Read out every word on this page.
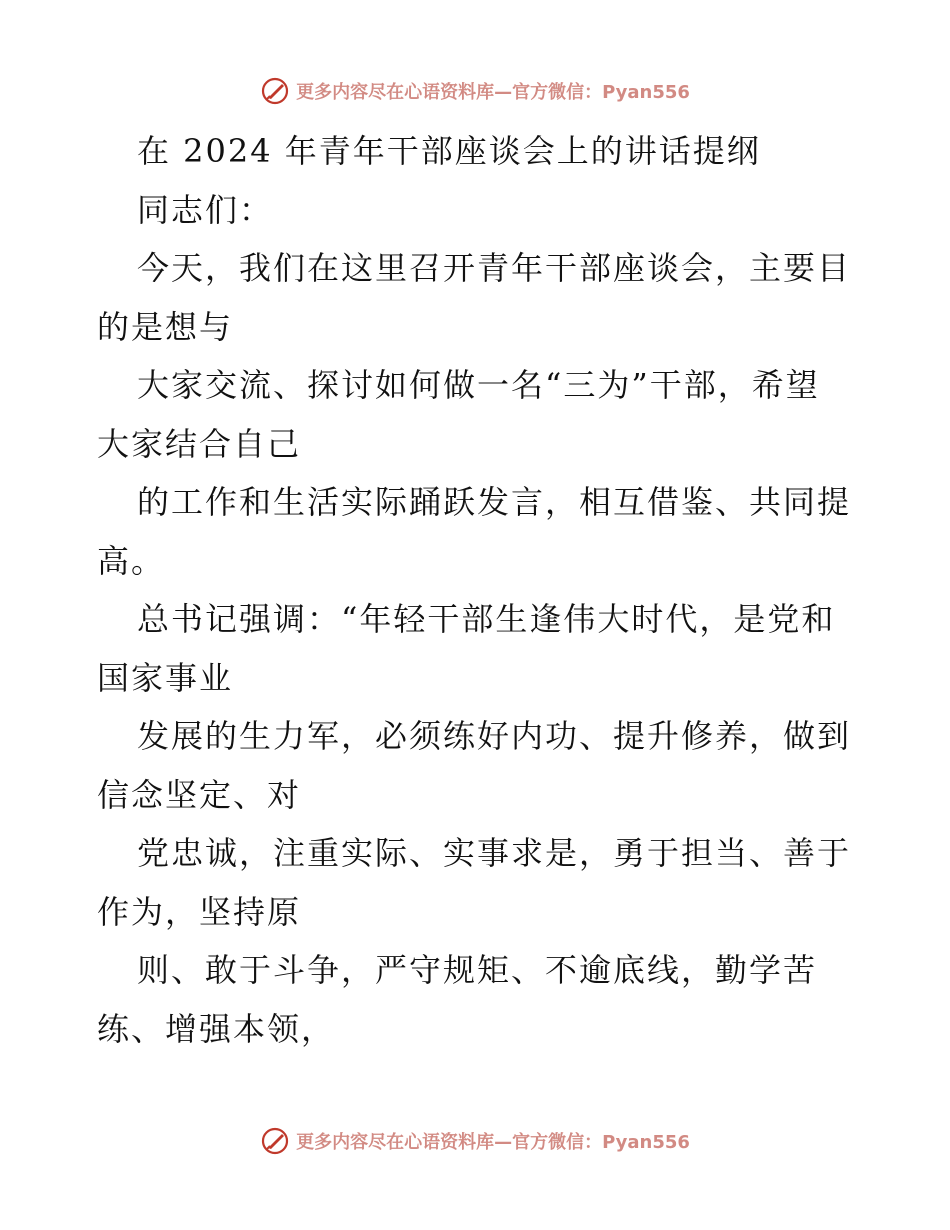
更多内容尽在心语资料库—官方微信：Pyan556
在 2024 年青年干部座谈会上的讲话提纲
同志们：
今天，我们在这里召开青年干部座谈会，主要目
的是想与
大家交流、探讨如何做一名“三为”干部，希望
大家结合自己
的工作和生活实际踊跃发言，相互借鉴、共同提
高。
总书记强调：“年轻干部生逢伟大时代，是党和
国家事业
发展的生力军，必须练好内功、提升修养，做到
信念坚定、对
党忠诚，注重实际、实事求是，勇于担当、善于
作为，坚持原
则、敢于斗争，严守规矩、不逾底线，勤学苦
练、增强本领，
更多内容尽在心语资料库—官方微信：Pyan556
